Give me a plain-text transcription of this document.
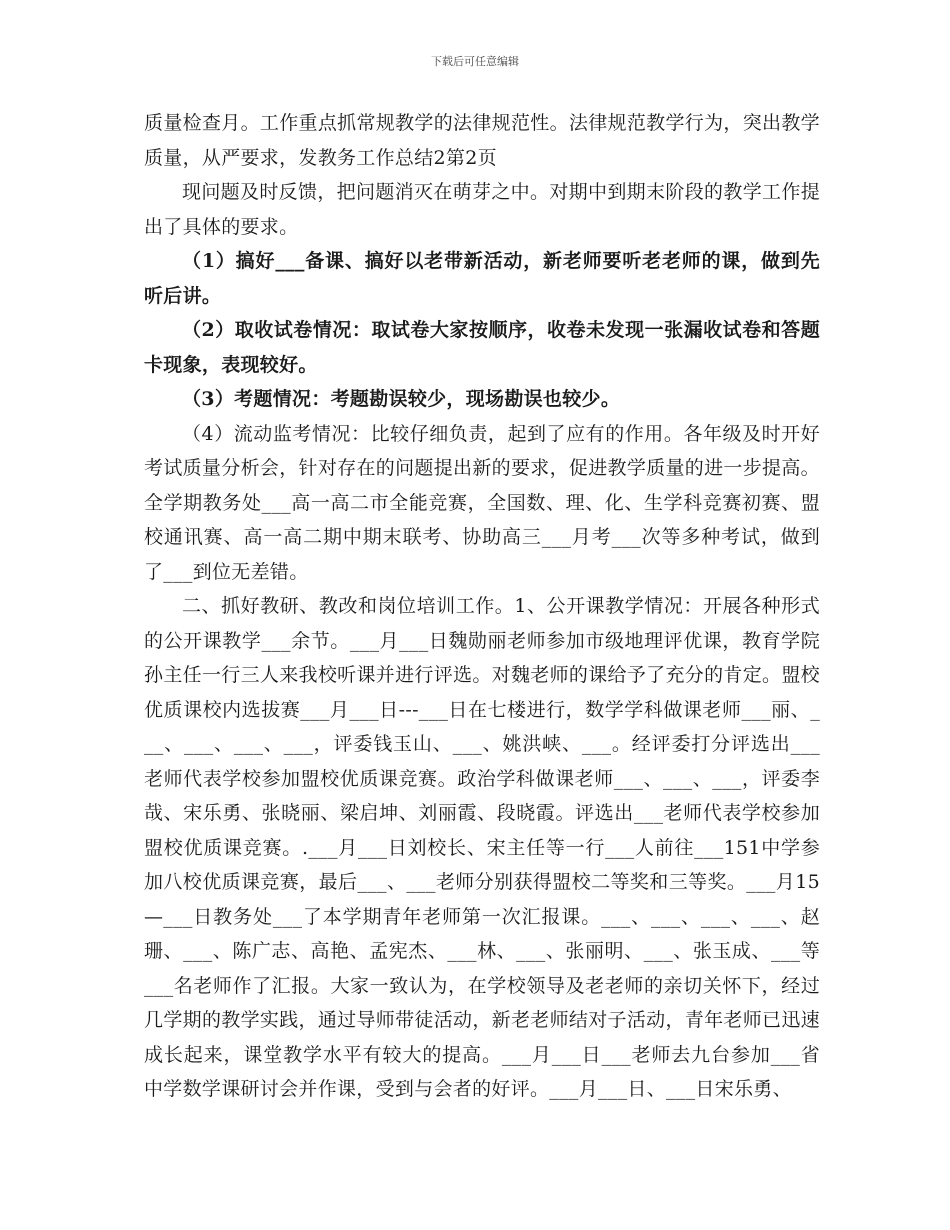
下载后可任意编辑

质量检查月。工作重点抓常规教学的法律规范性。法律规范教学行为，突出教学质量，从严要求，发教务工作总结2第2页

现问题及时反馈，把问题消灭在萌芽之中。对期中到期末阶段的教学工作提出了具体的要求。

（1）搞好___备课、搞好以老带新活动，新老师要听老老师的课，做到先听后讲。

（2）取收试卷情况：取试卷大家按顺序，收卷未发现一张漏收试卷和答题卡现象，表现较好。

（3）考题情况：考题勘误较少，现场勘误也较少。

（4）流动监考情况：比较仔细负责，起到了应有的作用。各年级及时开好考试质量分析会，针对存在的问题提出新的要求，促进教学质量的进一步提高。全学期教务处___高一高二市全能竞赛，全国数、理、化、生学科竞赛初赛、盟校通讯赛、高一高二期中期末联考、协助高三___月考___次等多种考试，做到了___到位无差错。

二、抓好教研、教改和岗位培训工作。1、公开课教学情况：开展各种形式的公开课教学___余节。___月___日魏勋丽老师参加市级地理评优课，教育学院孙主任一行三人来我校听课并进行评选。对魏老师的课给予了充分的肯定。盟校优质课校内选拔赛___月___日---___日在七楼进行，数学学科做课老师___丽、___、___、___、___，评委钱玉山、___、姚洪峡、___。经评委打分评选出___老师代表学校参加盟校优质课竞赛。政治学科做课老师___、___、___，评委李哉、宋乐勇、张晓丽、梁启坤、刘丽霞、段晓霞。评选出___老师代表学校参加盟校优质课竞赛。.___月___日刘校长、宋主任等一行___人前往___151中学参加八校优质课竞赛，最后___、___老师分别获得盟校二等奖和三等奖。___月15—___日教务处___了本学期青年老师第一次汇报课。___、___、___、___、赵珊、___、陈广志、高艳、孟宪杰、___林、___、张丽明、___、张玉成、___等___名老师作了汇报。大家一致认为，在学校领导及老老师的亲切关怀下，经过几学期的教学实践，通过导师带徒活动，新老老师结对子活动，青年老师已迅速成长起来，课堂教学水平有较大的提高。___月___日___老师去九台参加___省中学数学课研讨会并作课，受到与会者的好评。___月___日、___日宋乐勇、
